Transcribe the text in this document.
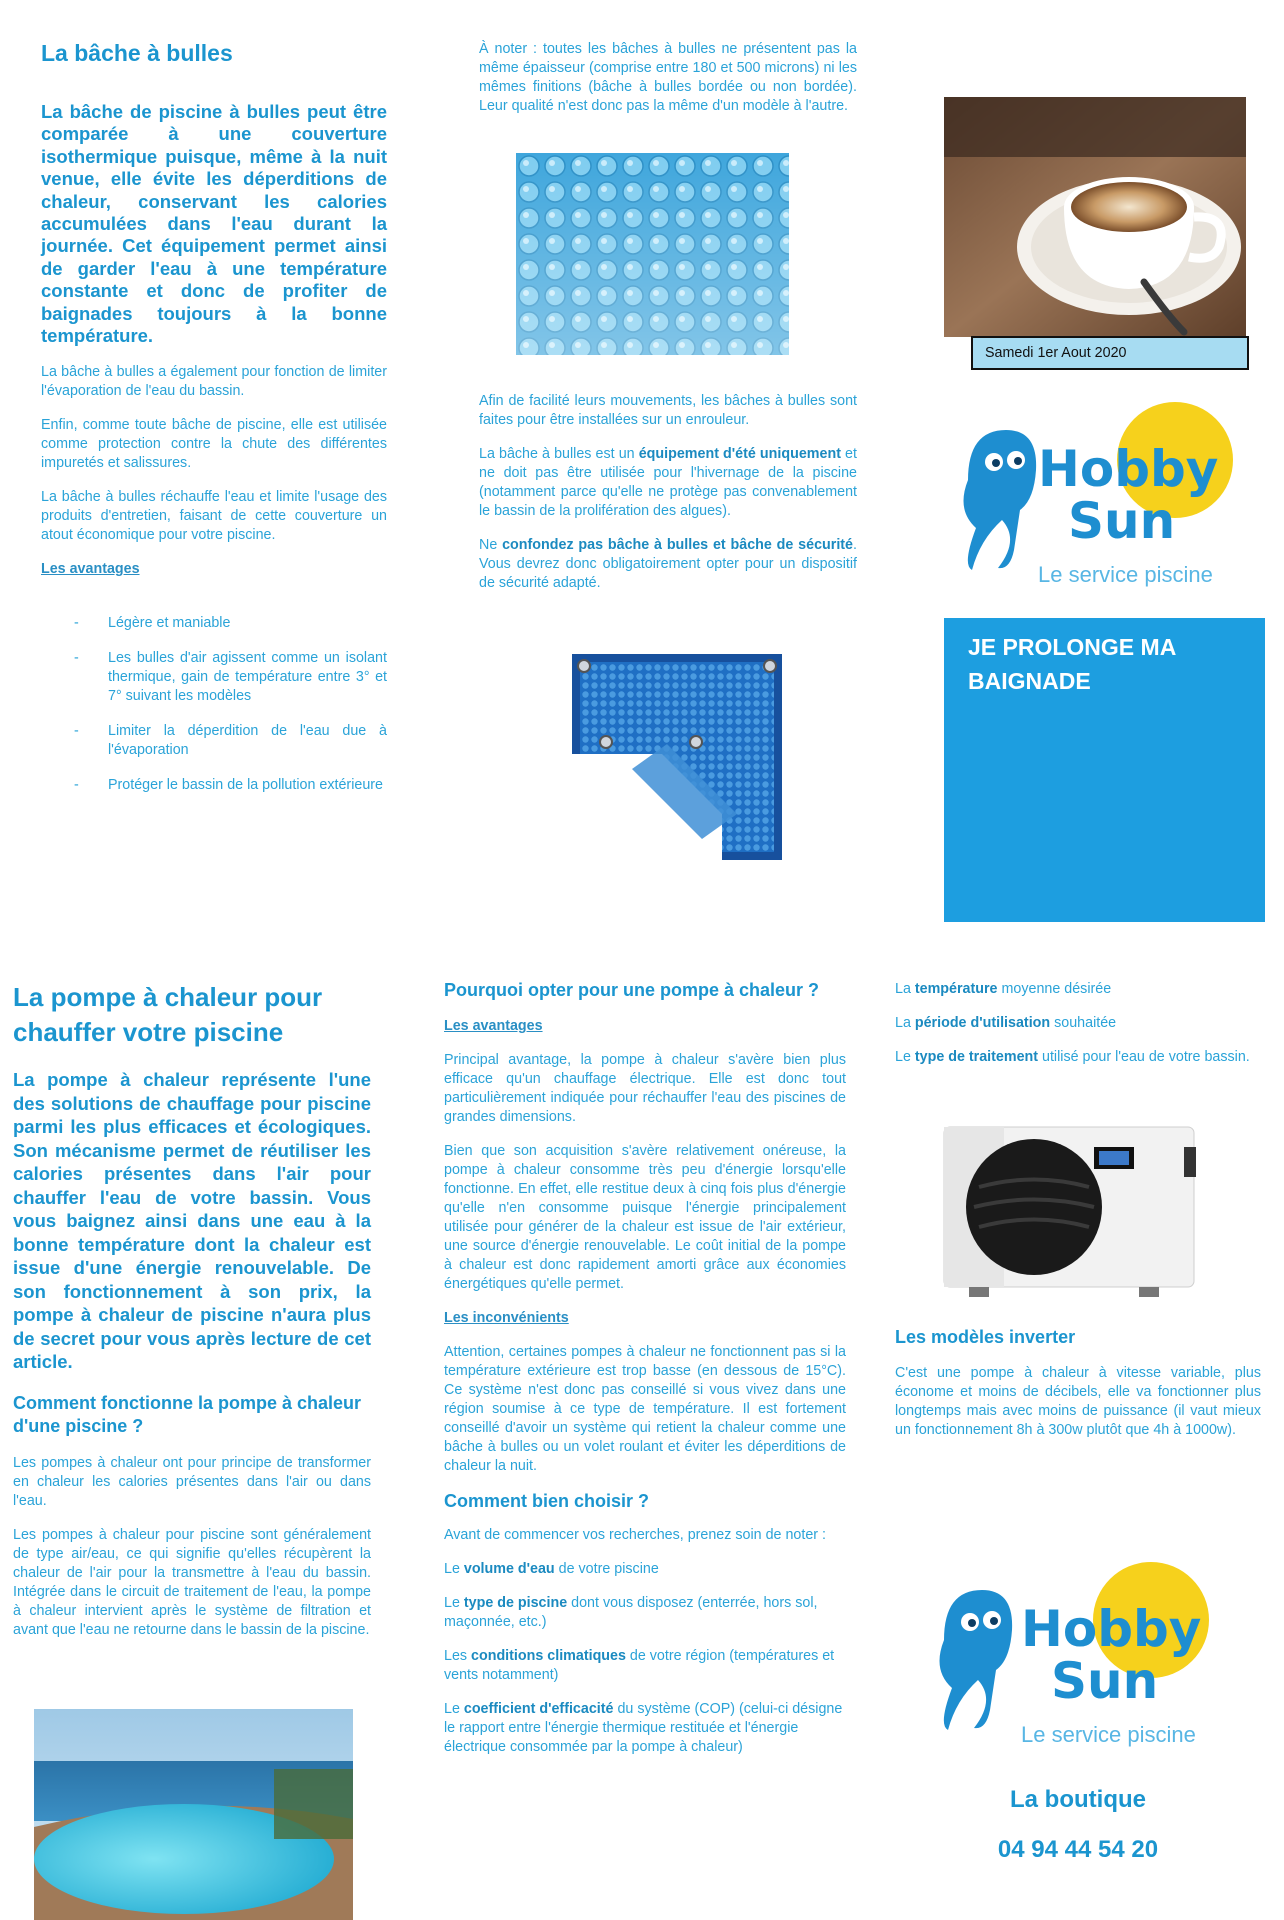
La bâche à bulles
La bâche de piscine à bulles peut être comparée à une couverture isothermique puisque, même à la nuit venue, elle évite les déperditions de chaleur, conservant les calories accumulées dans l'eau durant la journée. Cet équipement permet ainsi de garder l'eau à une température constante et donc de profiter de baignades toujours à la bonne température.

La bâche à bulles a également pour fonction de limiter l'évaporation de l'eau du bassin.

Enfin, comme toute bâche de piscine, elle est utilisée comme protection contre la chute des différentes impuretés et salissures.

La bâche à bulles réchauffe l'eau et limite l'usage des produits d'entretien, faisant de cette couverture un atout économique pour votre piscine.

Les avantages
- Légère et maniable
- Les bulles d'air agissent comme un isolant thermique, gain de température entre 3° et 7° suivant les modèles
- Limiter la déperdition de l'eau due à l'évaporation
- Protéger le bassin de la pollution extérieure

À noter : toutes les bâches à bulles ne présentent pas la même épaisseur (comprise entre 180 et 500 microns) ni les mêmes finitions (bâche à bulles bordée ou non bordée). Leur qualité n'est donc pas la même d'un modèle à l'autre.

Afin de facilité leurs mouvements, les bâches à bulles sont faites pour être installées sur un enrouleur.

La bâche à bulles est un équipement d'été uniquement et ne doit pas être utilisée pour l'hivernage de la piscine (notamment parce qu'elle ne protège pas convenablement le bassin de la prolifération des algues).

Ne confondez pas bâche à bulles et bâche de sécurité. Vous devrez donc obligatoirement opter pour un dispositif de sécurité adapté.

Samedi 1er Aout 2020
Hobby
Sun
Le service piscine
JE PROLONGE MA BAIGNADE
La pompe à chaleur pour chauffer votre piscine
La pompe à chaleur représente l'une des solutions de chauffage pour piscine parmi les plus efficaces et écologiques. Son mécanisme permet de réutiliser les calories présentes dans l'air pour chauffer l'eau de votre bassin. Vous vous baignez ainsi dans une eau à la bonne température dont la chaleur est issue d'une énergie renouvelable. De son fonctionnement à son prix, la pompe à chaleur de piscine n'aura plus de secret pour vous après lecture de cet article.
Comment fonctionne la pompe à chaleur d'une piscine ?

Les pompes à chaleur ont pour principe de transformer en chaleur les calories présentes dans l'air ou dans l'eau.

Les pompes à chaleur pour piscine sont généralement de type air/eau, ce qui signifie qu'elles récupèrent la chaleur de l'air pour la transmettre à l'eau du bassin. Intégrée dans le circuit de traitement de l'eau, la pompe à chaleur intervient après le système de filtration et avant que l'eau ne retourne dans le bassin de la piscine.

Pourquoi opter pour une pompe à chaleur ?

Les avantages

Principal avantage, la pompe à chaleur s'avère bien plus efficace qu'un chauffage électrique. Elle est donc tout particulièrement indiquée pour réchauffer l'eau des piscines de grandes dimensions.

Bien que son acquisition s'avère relativement onéreuse, la pompe à chaleur consomme très peu d'énergie lorsqu'elle fonctionne. En effet, elle restitue deux à cinq fois plus d'énergie qu'elle n'en consomme puisque l'énergie principalement utilisée pour générer de la chaleur est issue de l'air extérieur, une source d'énergie renouvelable. Le coût initial de la pompe à chaleur est donc rapidement amorti grâce aux économies énergétiques qu'elle permet.

Les inconvénients

Attention, certaines pompes à chaleur ne fonctionnent pas si la température extérieure est trop basse (en dessous de 15°C). Ce système n'est donc pas conseillé si vous vivez dans une région soumise à ce type de température. Il est fortement conseillé d'avoir un système qui retient la chaleur comme une bâche à bulles ou un volet roulant et éviter les déperditions de chaleur la nuit.

Comment bien choisir ?

Avant de commencer vos recherches, prenez soin de noter :

Le volume d'eau de votre piscine

Le type de piscine dont vous disposez (enterrée, hors sol, maçonnée, etc.)

Les conditions climatiques de votre région (températures et vents notamment)

Le coefficient d'efficacité du système (COP) (celui-ci désigne le rapport entre l'énergie thermique restituée et l'énergie électrique consommée par la pompe à chaleur)

La température moyenne désirée

La période d'utilisation souhaitée

Le type de traitement utilisé pour l'eau de votre bassin.

Les modèles inverter
C'est une pompe à chaleur à vitesse variable, plus économe et moins de décibels, elle va fonctionner plus longtemps mais avec moins de puissance (il vaut mieux un fonctionnement 8h à 300w plutôt que 4h à 1000w).
Hobby
Sun
Le service piscine
La boutique
04 94 44 54 20
